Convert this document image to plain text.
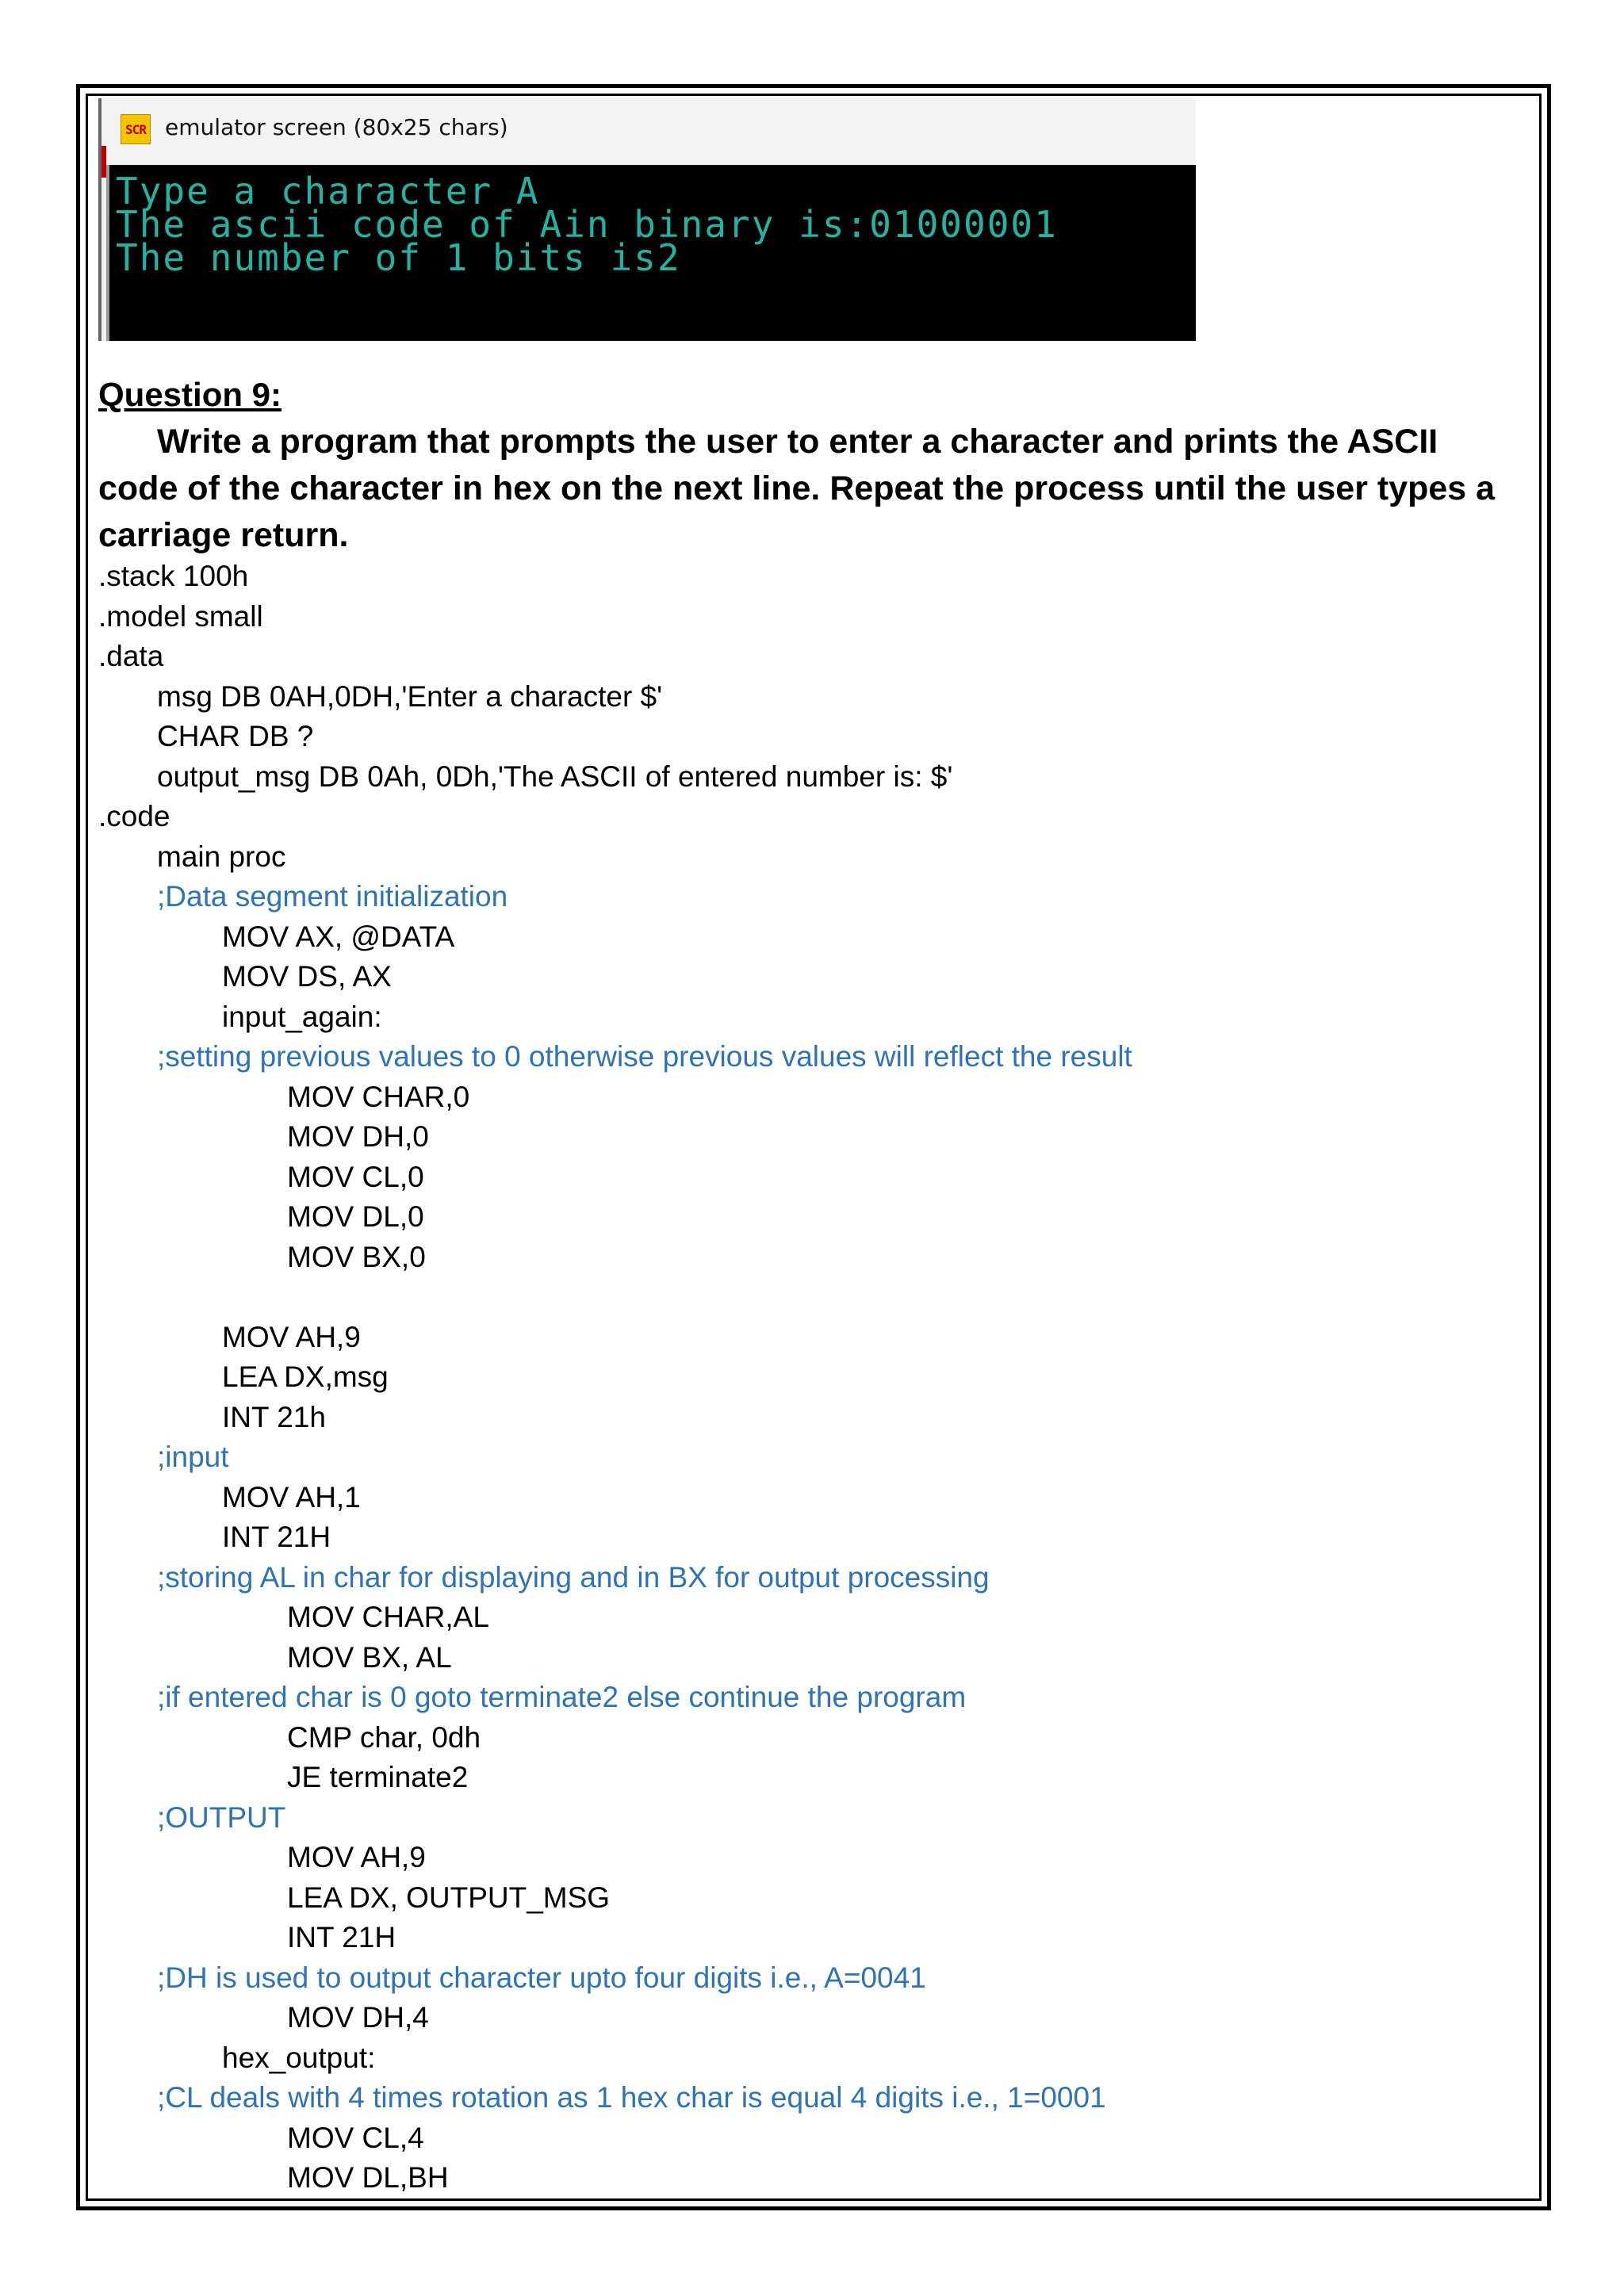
SCR emulator screen (80x25 chars)
Type a character A
The ascii code of Ain binary is:01000001
The number of 1 bits is2
Question 9:
Write a program that prompts the user to enter a character and prints the ASCII code of the character in hex on the next line. Repeat the process until the user types a carriage return.
.stack 100h
.model small
.data
msg DB 0AH,0DH,'Enter a character $'
CHAR DB ?
output_msg DB 0Ah, 0Dh,'The ASCII of entered number is: $'
.code
main proc
;Data segment initialization
MOV AX, @DATA
MOV DS, AX
input_again:
;setting previous values to 0 otherwise previous values will reflect the result
MOV CHAR,0
MOV DH,0
MOV CL,0
MOV DL,0
MOV BX,0
MOV AH,9
LEA DX,msg
INT 21h
;input
MOV AH,1
INT 21H
;storing AL in char for displaying and in BX for output processing
MOV CHAR,AL
MOV BX, AL
;if entered char is 0 goto terminate2 else continue the program
CMP char, 0dh
JE terminate2
;OUTPUT
MOV AH,9
LEA DX, OUTPUT_MSG
INT 21H
;DH is used to output character upto four digits i.e., A=0041
MOV DH,4
hex_output:
;CL deals with 4 times rotation as 1 hex char is equal 4 digits i.e., 1=0001
MOV CL,4
MOV DL,BH
